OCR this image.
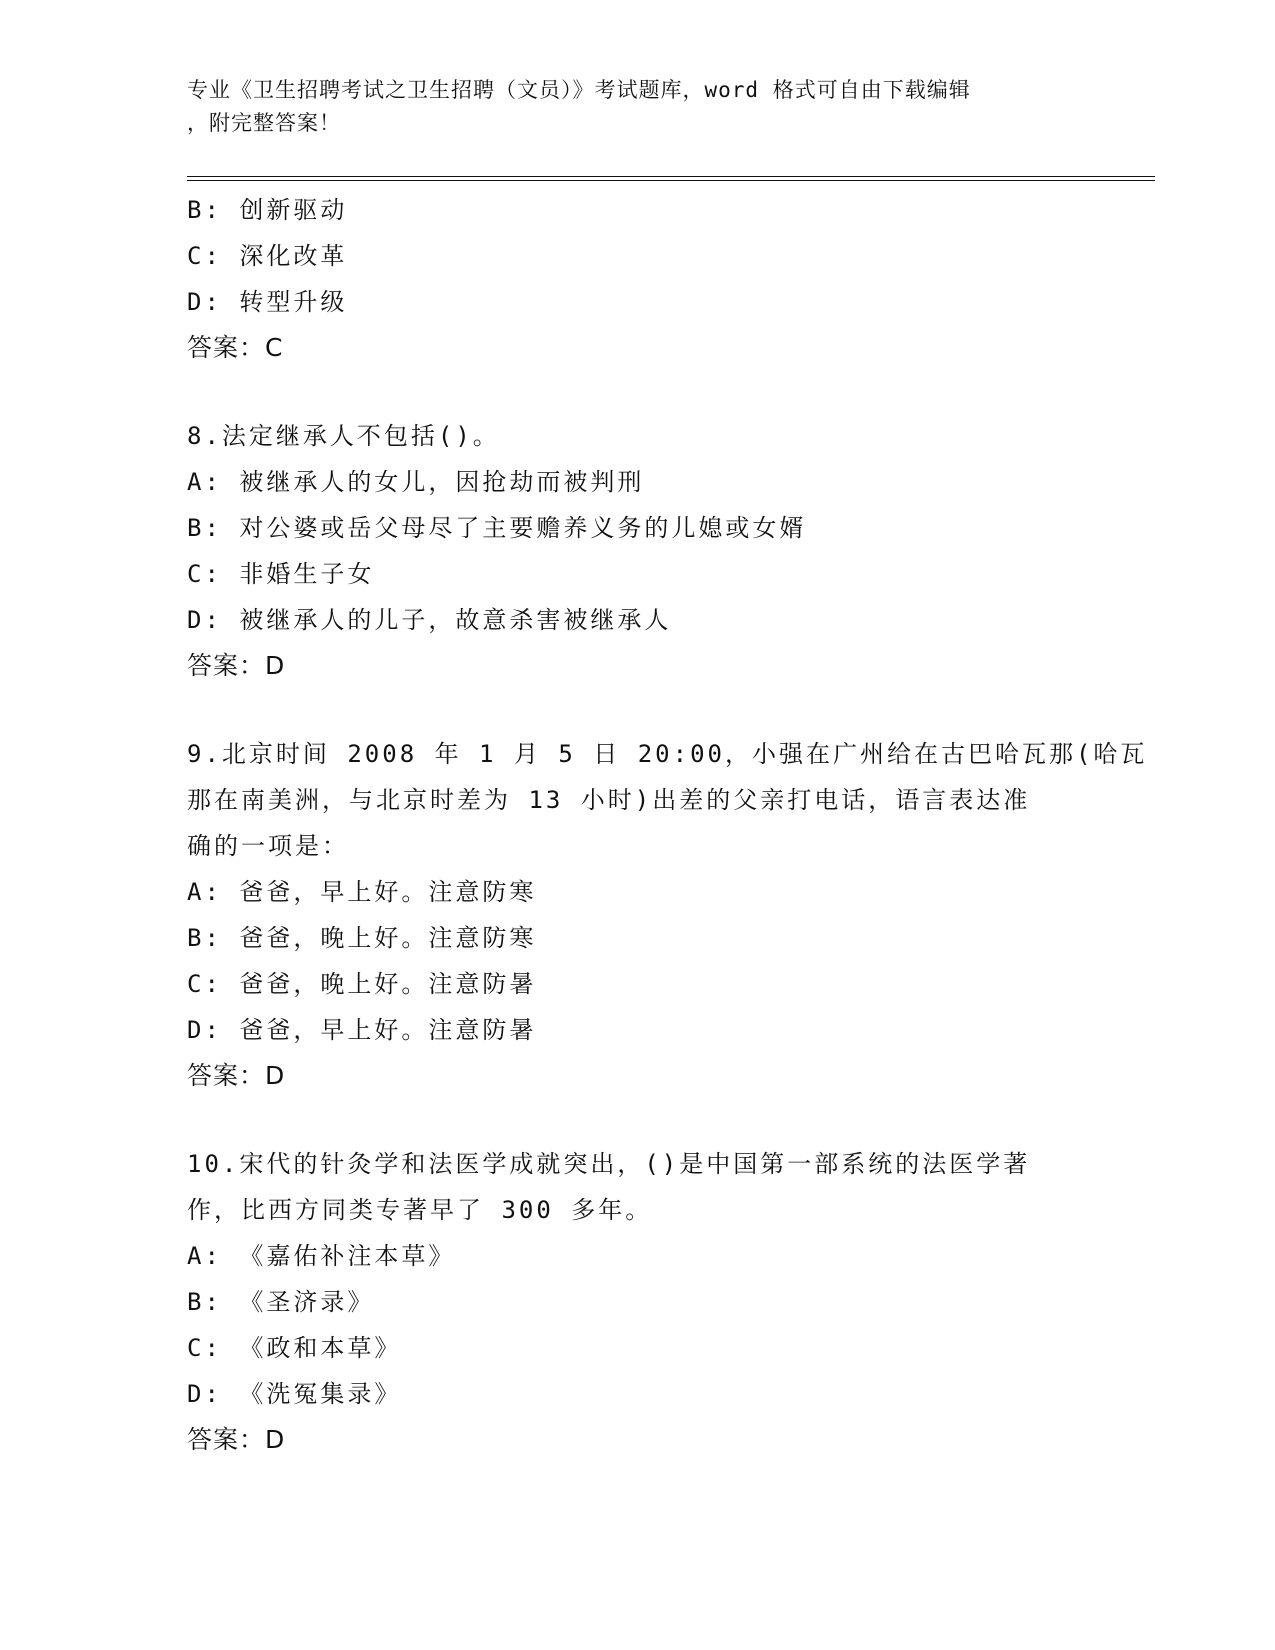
专业《卫生招聘考试之卫生招聘（文员）》考试题库，word 格式可自由下载编辑
，附完整答案！
B: 创新驱动
C: 深化改革
D: 转型升级
答案：C
8.法定继承人不包括()。
A: 被继承人的女儿，因抢劫而被判刑
B: 对公婆或岳父母尽了主要赡养义务的儿媳或女婿
C: 非婚生子女
D: 被继承人的儿子，故意杀害被继承人
答案：D
9.北京时间 2008 年 1 月 5 日 20:00，小强在广州给在古巴哈瓦那(哈瓦
那在南美洲，与北京时差为 13 小时)出差的父亲打电话，语言表达准
确的一项是：
A: 爸爸，早上好。注意防寒
B: 爸爸，晚上好。注意防寒
C: 爸爸，晚上好。注意防暑
D: 爸爸，早上好。注意防暑
答案：D
10.宋代的针灸学和法医学成就突出，()是中国第一部系统的法医学著
作，比西方同类专著早了 300 多年。
A: 《嘉佑补注本草》
B: 《圣济录》
C: 《政和本草》
D: 《洗冤集录》
答案：D
